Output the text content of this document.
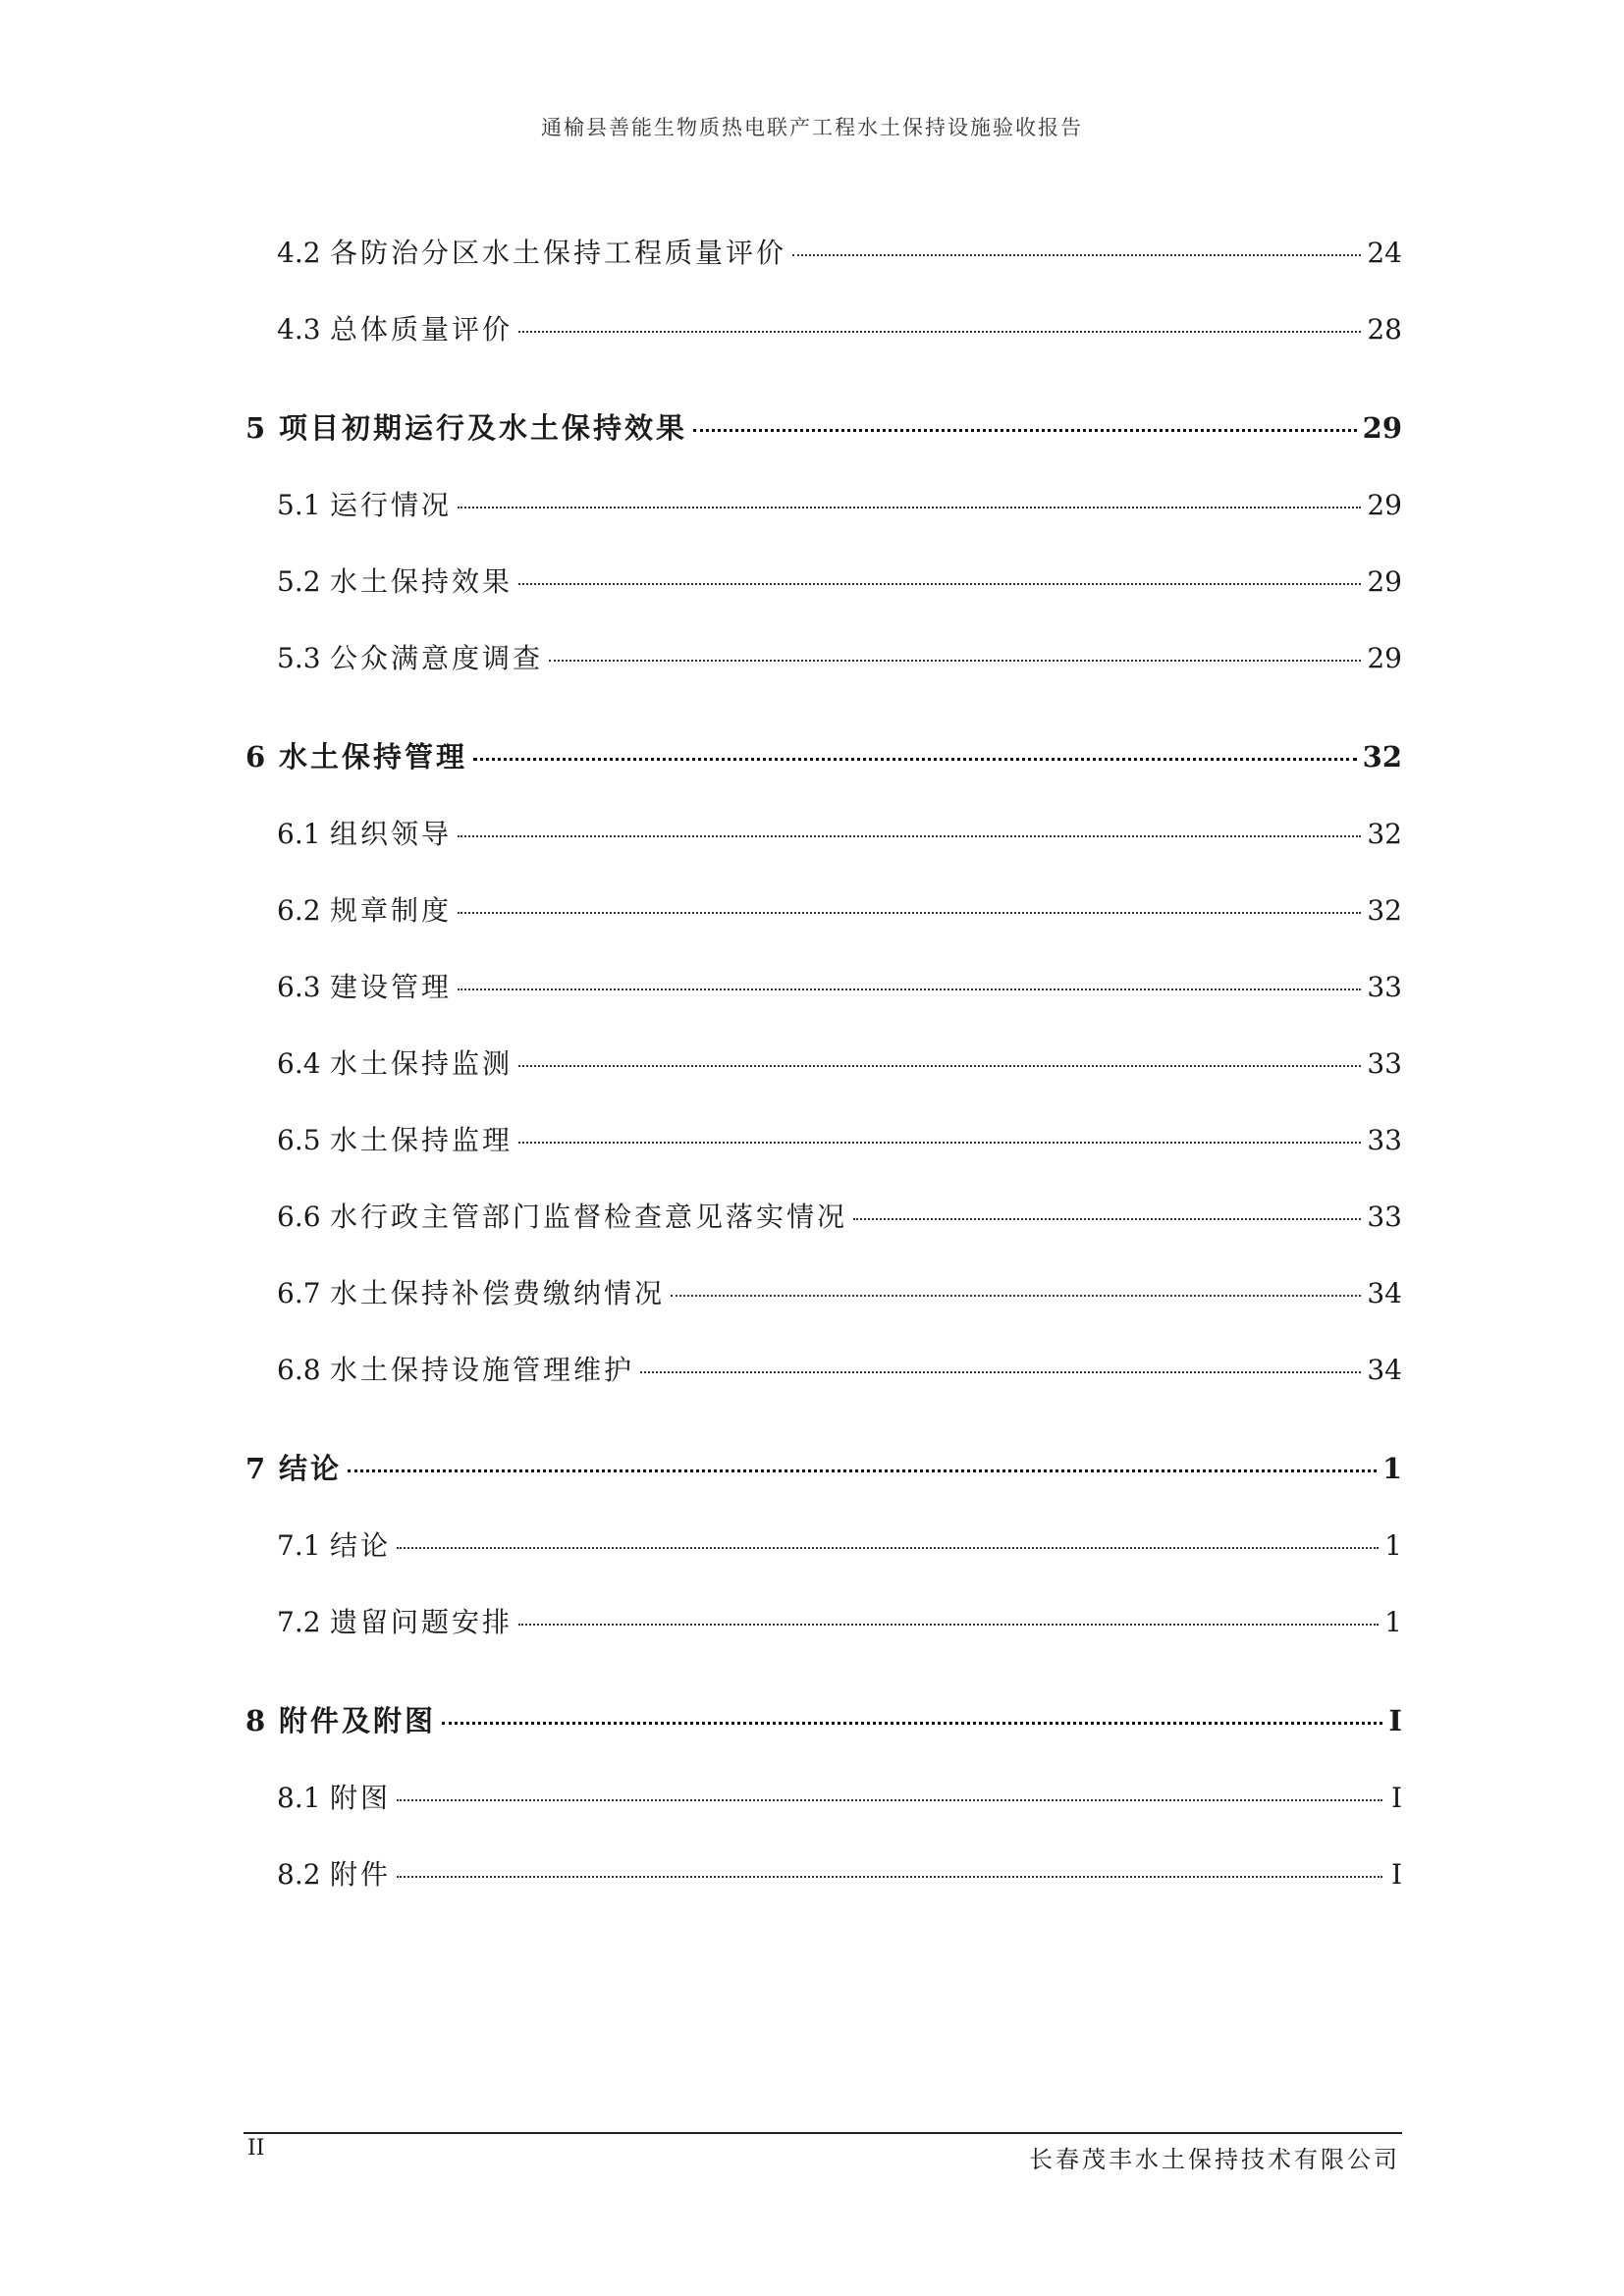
通榆县善能生物质热电联产工程水土保持设施验收报告
4.2 各防治分区水土保持工程质量评价	24
4.3 总体质量评价	28
5 项目初期运行及水土保持效果	29
5.1 运行情况	29
5.2 水土保持效果	29
5.3 公众满意度调查	29
6 水土保持管理	32
6.1 组织领导	32
6.2 规章制度	32
6.3 建设管理	33
6.4 水土保持监测	33
6.5 水土保持监理	33
6.6 水行政主管部门监督检查意见落实情况	33
6.7 水土保持补偿费缴纳情况	34
6.8 水土保持设施管理维护	34
7 结论	1
7.1 结论	1
7.2 遗留问题安排	1
8 附件及附图	I
8.1 附图	I
8.2 附件	I
II	长春茂丰水土保持技术有限公司
